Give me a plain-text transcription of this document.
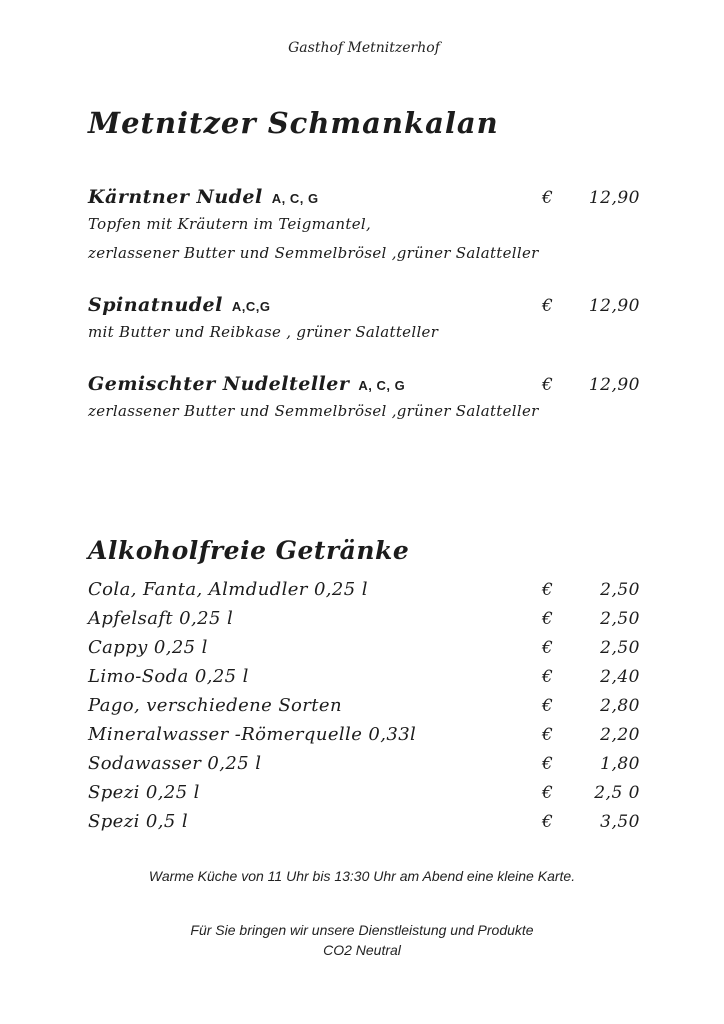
Gasthof Metnitzerhof
Metnitzer Schmankalan
Kärntner Nudel A, C, G	€	12,90
Topfen mit Kräutern im Teigmantel,
zerlassener Butter und Semmelbrösel ,grüner Salatteller
Spinatnudel A,C,G	€	12,90
mit Butter und Reibkase , grüner Salatteller
Gemischter Nudelteller A, C, G	€	12,90
zerlassener Butter und Semmelbrösel ,grüner Salatteller
Alkoholfreie Getränke
Cola, Fanta, Almdudler 0,25 l	€	2,50
Apfelsaft 0,25 l	€	2,50
Cappy 0,25 l	€	2,50
Limo-Soda 0,25 l	€	2,40
Pago, verschiedene Sorten	€	2,80
Mineralwasser -Römerquelle 0,33l	€	2,20
Sodawasser 0,25 l	€	1,80
Spezi 0,25 l	€	2,5 0
Spezi 0,5 l	€	3,50
Warme Küche von 11 Uhr bis 13:30 Uhr am Abend eine kleine Karte.
Für Sie bringen wir unsere Dienstleistung und Produkte
CO2 Neutral
